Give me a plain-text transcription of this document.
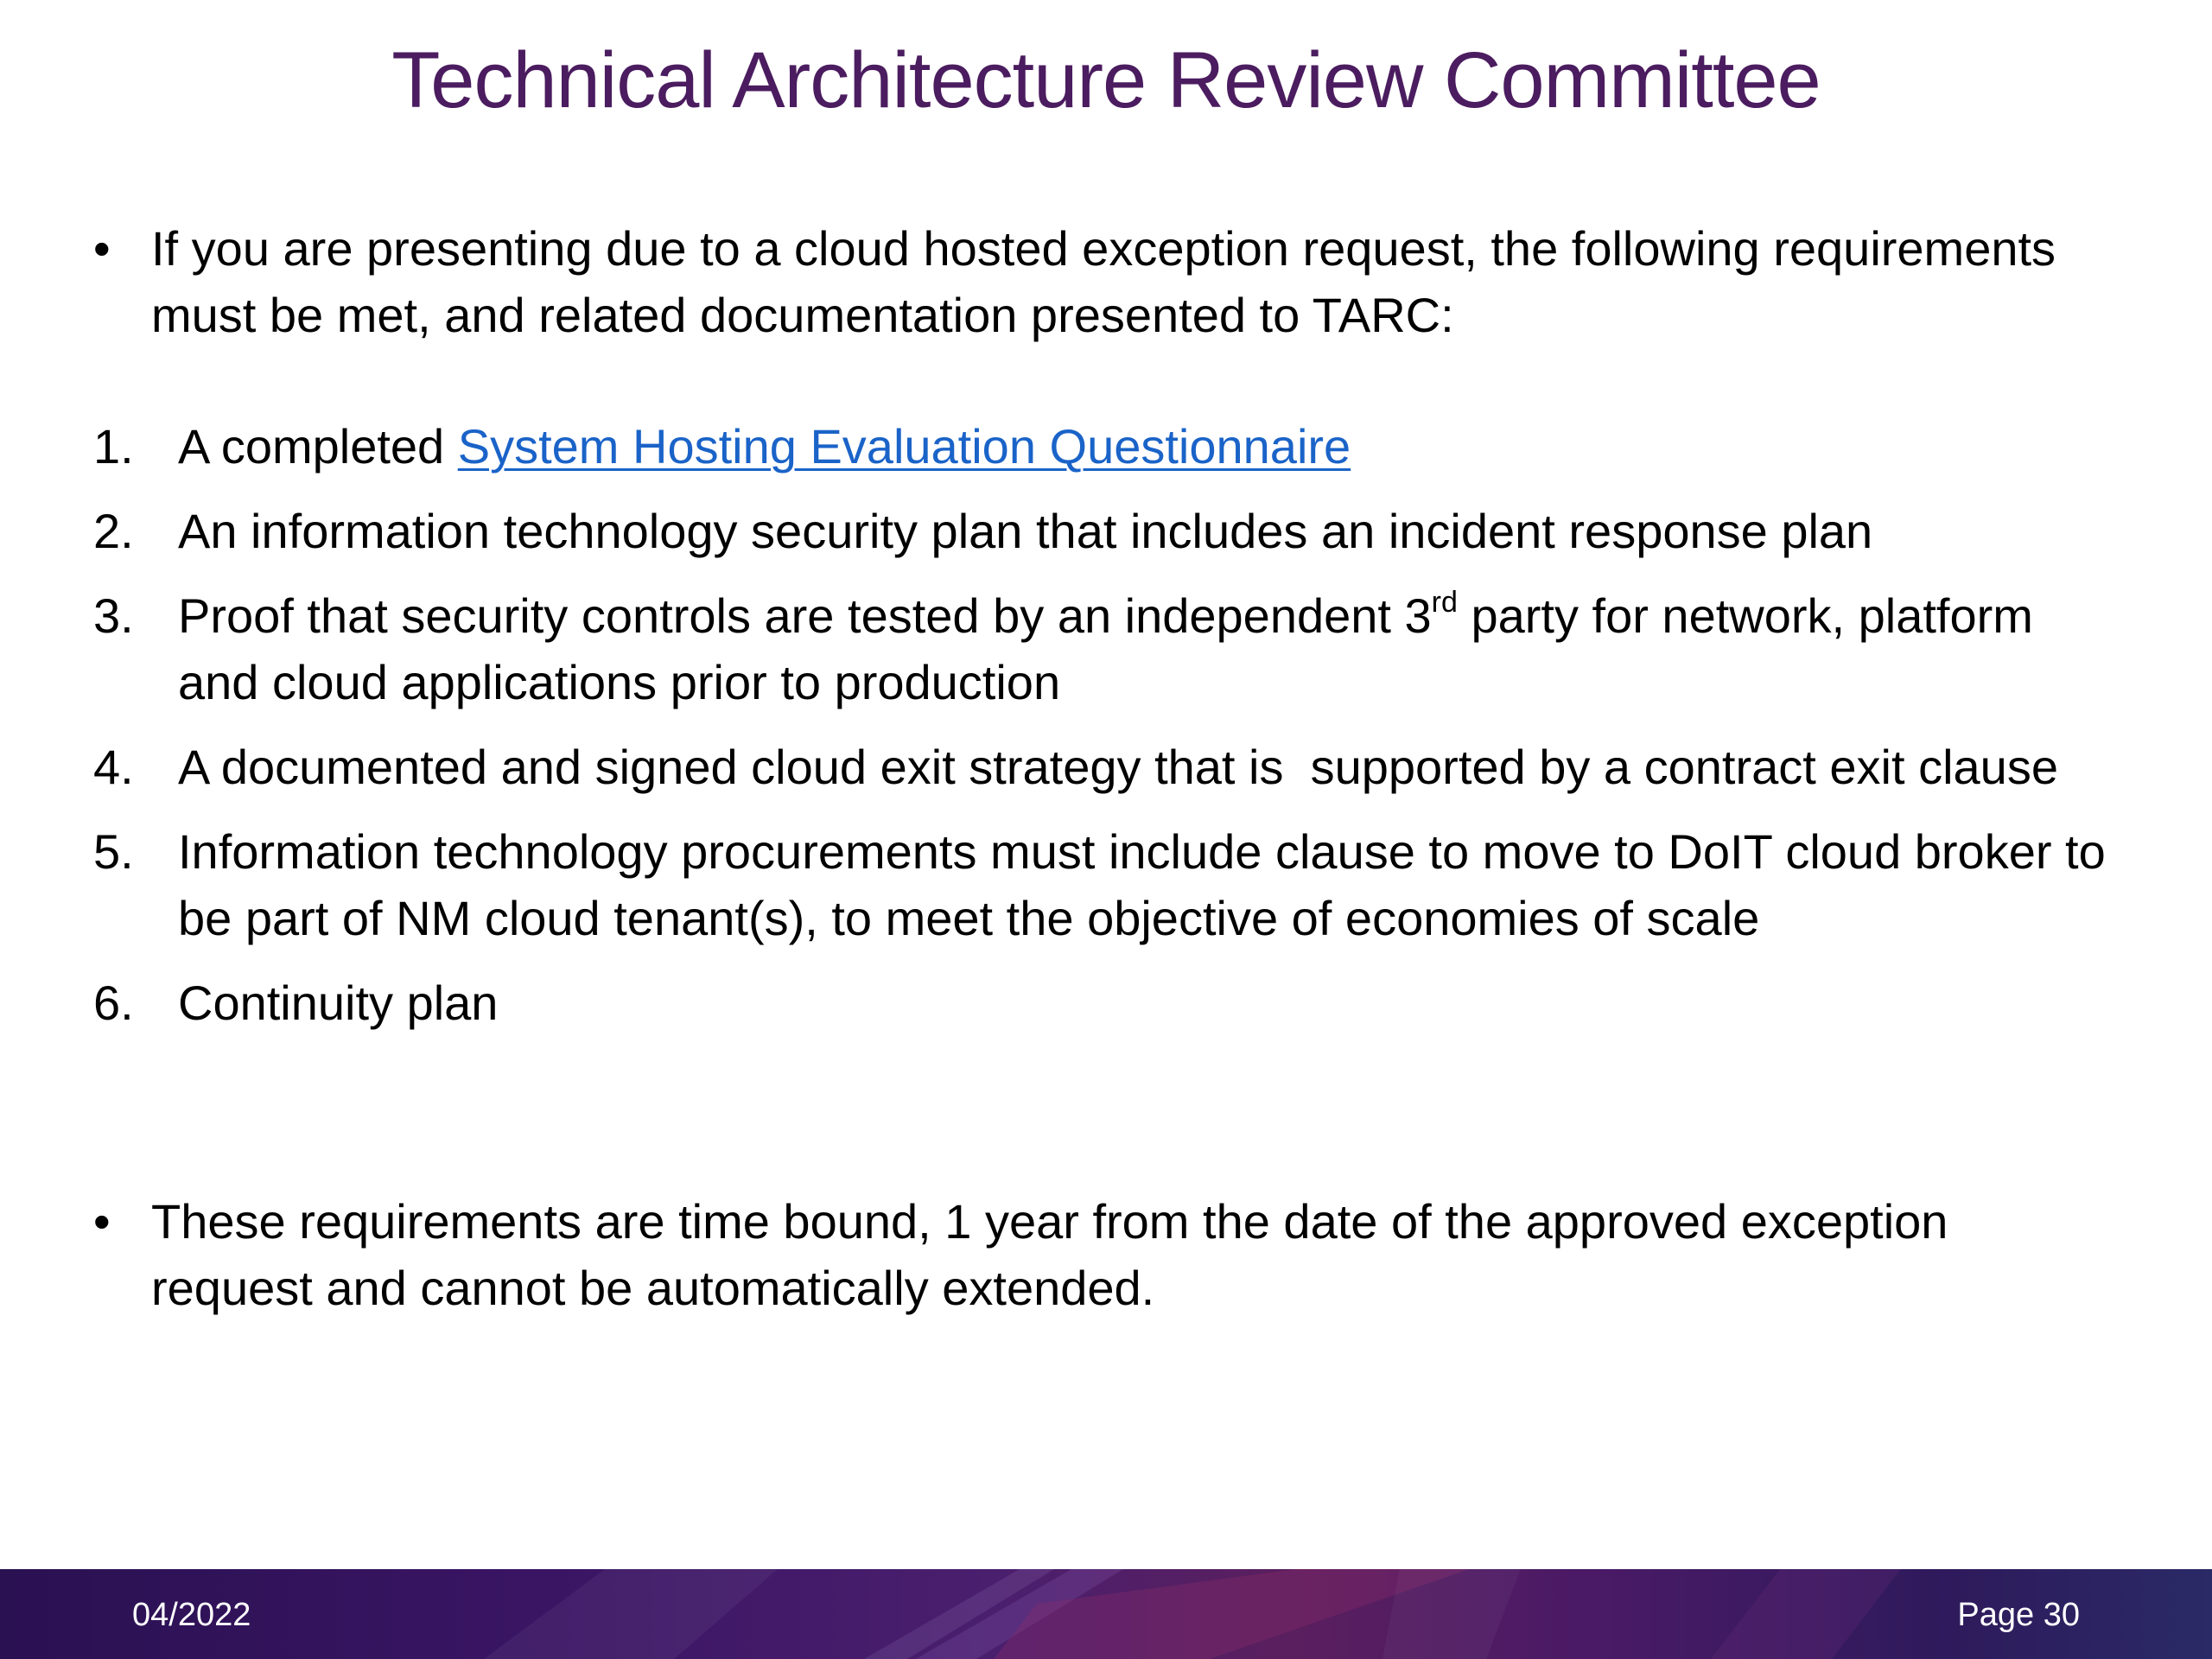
Technical Architecture Review Committee
• If you are presenting due to a cloud hosted exception request, the following requirements must be met, and related documentation presented to TARC:
1. A completed System Hosting Evaluation Questionnaire
2. An information technology security plan that includes an incident response plan
3. Proof that security controls are tested by an independent 3rd party for network, platform and cloud applications prior to production
4. A documented and signed cloud exit strategy that is  supported by a contract exit clause
5. Information technology procurements must include clause to move to DoIT cloud broker to be part of NM cloud tenant(s), to meet the objective of economies of scale
6. Continuity plan
• These requirements are time bound, 1 year from the date of the approved exception request and cannot be automatically extended.
04/2022	Page 30
